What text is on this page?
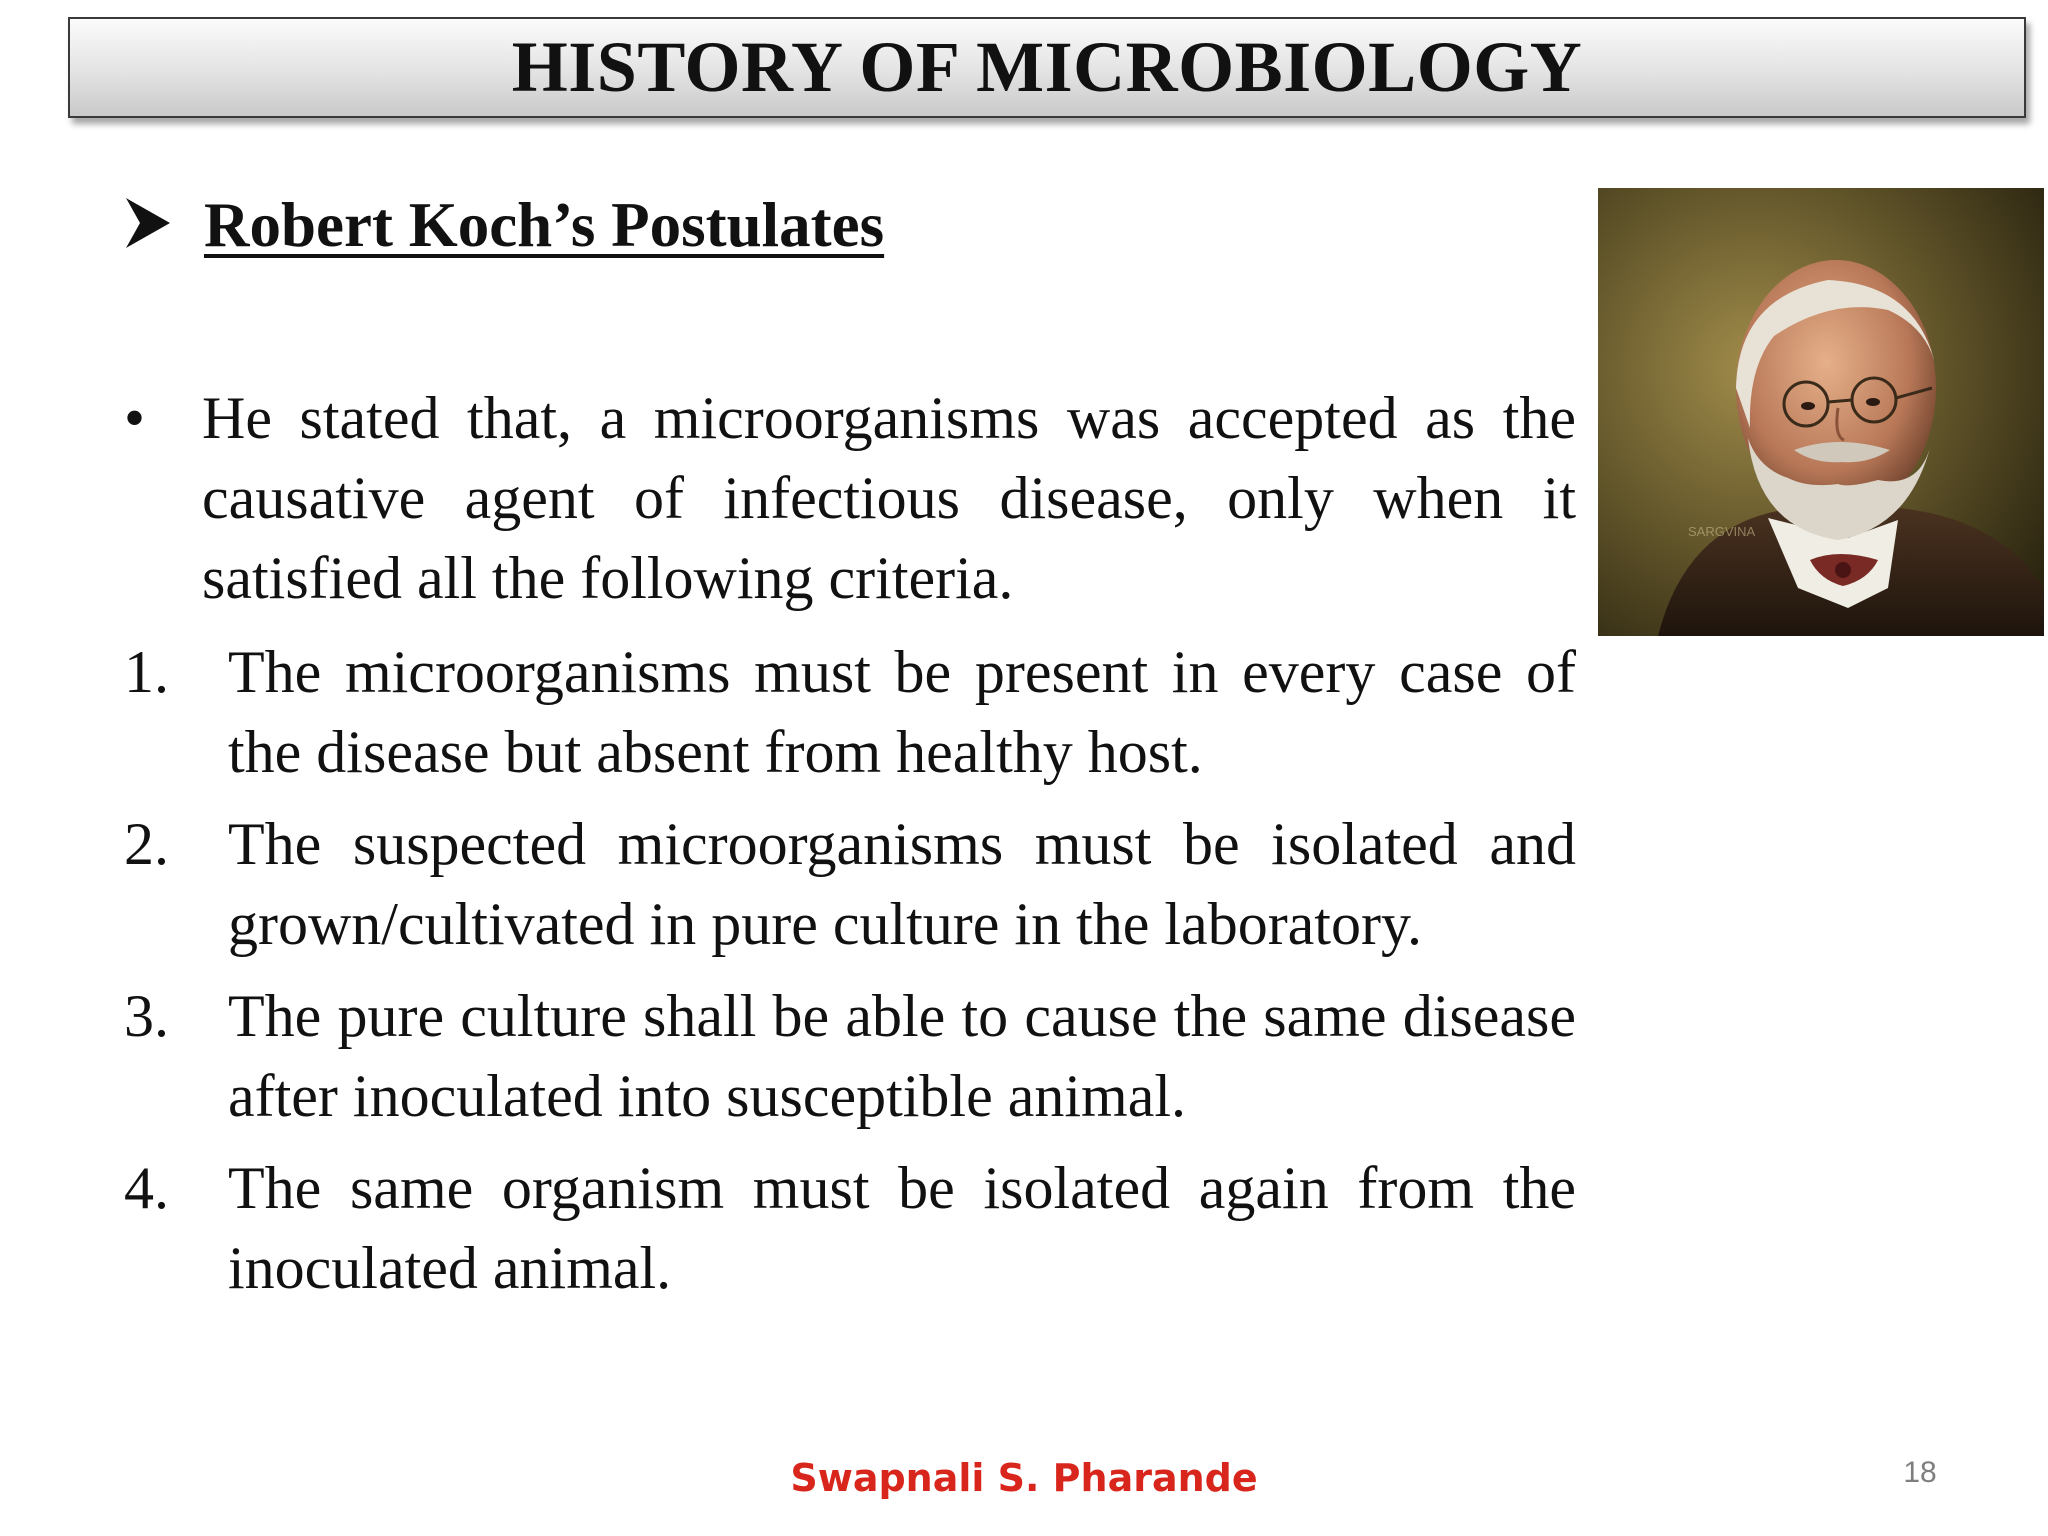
HISTORY OF MICROBIOLOGY
Robert Koch’s Postulates
• He stated that, a microorganisms was accepted as the causative agent of infectious disease, only when it satisfied all the following criteria.
1. The microorganisms must be present in every case of the disease but absent from healthy host.
2. The suspected microorganisms must be isolated and grown/cultivated in pure culture in the laboratory.
3. The pure culture shall be able to cause the same disease after inoculated into susceptible animal.
4. The same organism must be isolated again from the inoculated animal.
SARGVINA
Swapnali S. Pharande	18
